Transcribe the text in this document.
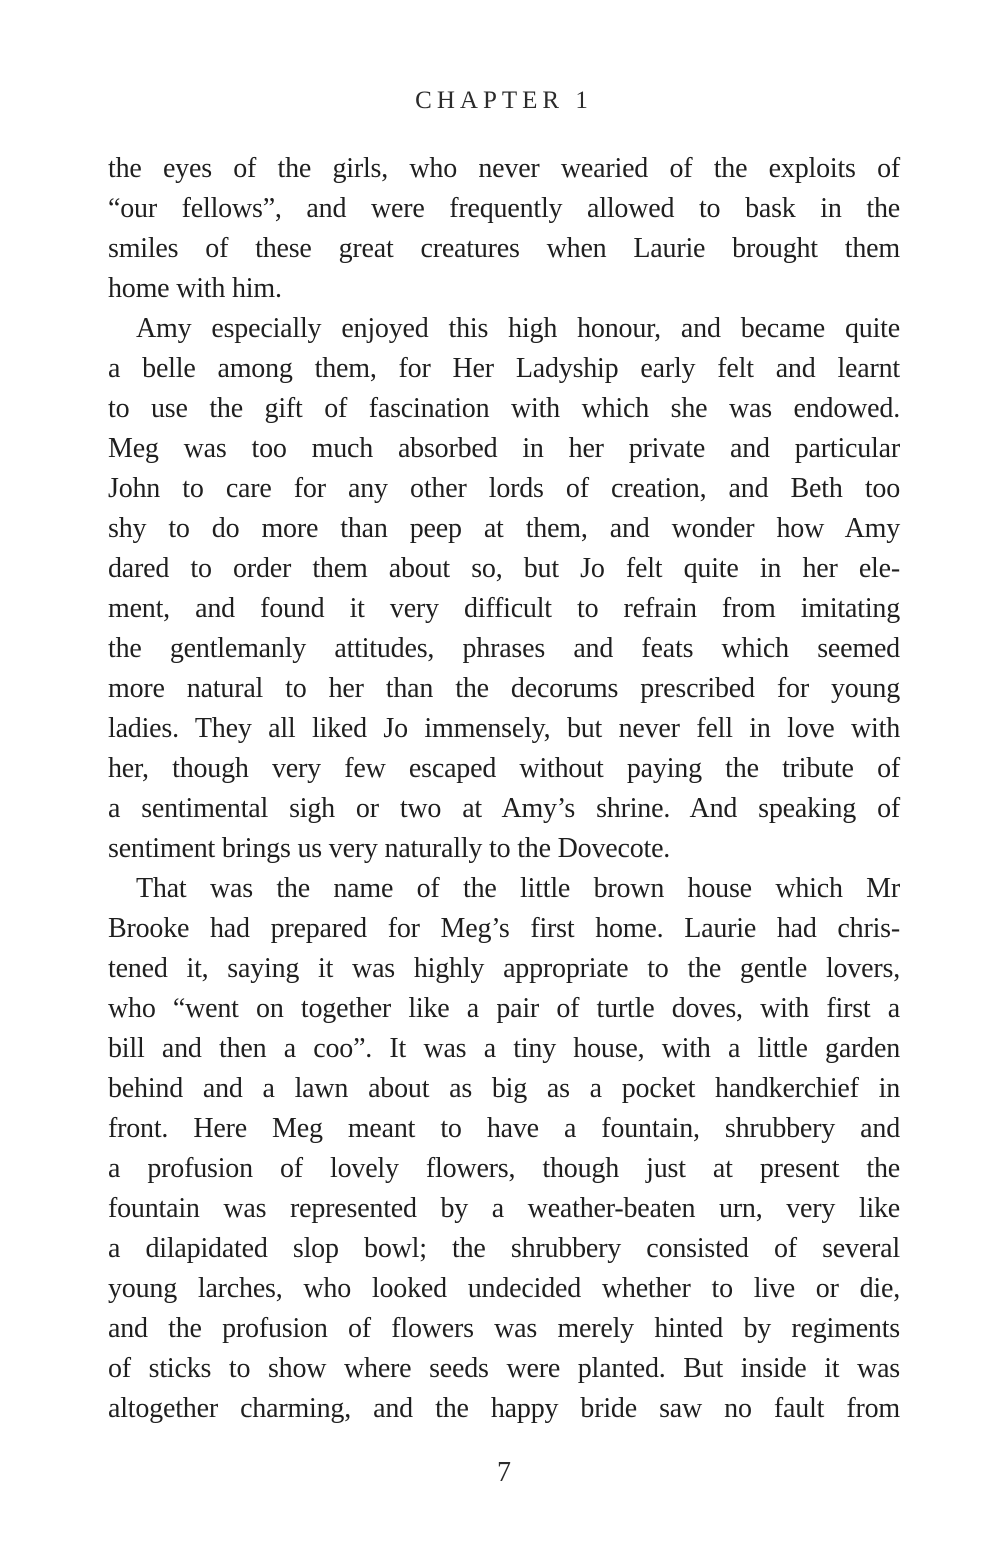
CHAPTER 1
the eyes of the girls, who never wearied of the exploits of
“our fellows”, and were frequently allowed to bask in the
smiles of these great creatures when Laurie brought them
home with him.
Amy especially enjoyed this high honour, and became quite
a belle among them, for Her Ladyship early felt and learnt
to use the gift of fascination with which she was endowed.
Meg was too much absorbed in her private and particular
John to care for any other lords of creation, and Beth too
shy to do more than peep at them, and wonder how Amy
dared to order them about so, but Jo felt quite in her ele-
ment, and found it very difficult to refrain from imitating
the gentlemanly attitudes, phrases and feats which seemed
more natural to her than the decorums prescribed for young
ladies. They all liked Jo immensely, but never fell in love with
her, though very few escaped without paying the tribute of
a sentimental sigh or two at Amy’s shrine. And speaking of
sentiment brings us very naturally to the Dovecote.
That was the name of the little brown house which Mr
Brooke had prepared for Meg’s first home. Laurie had chris-
tened it, saying it was highly appropriate to the gentle lovers,
who “went on together like a pair of turtle doves, with first a
bill and then a coo”. It was a tiny house, with a little garden
behind and a lawn about as big as a pocket handkerchief in
front. Here Meg meant to have a fountain, shrubbery and
a profusion of lovely flowers, though just at present the
fountain was represented by a weather-beaten urn, very like
a dilapidated slop bowl; the shrubbery consisted of several
young larches, who looked undecided whether to live or die,
and the profusion of flowers was merely hinted by regiments
of sticks to show where seeds were planted. But inside it was
altogether charming, and the happy bride saw no fault from
7
